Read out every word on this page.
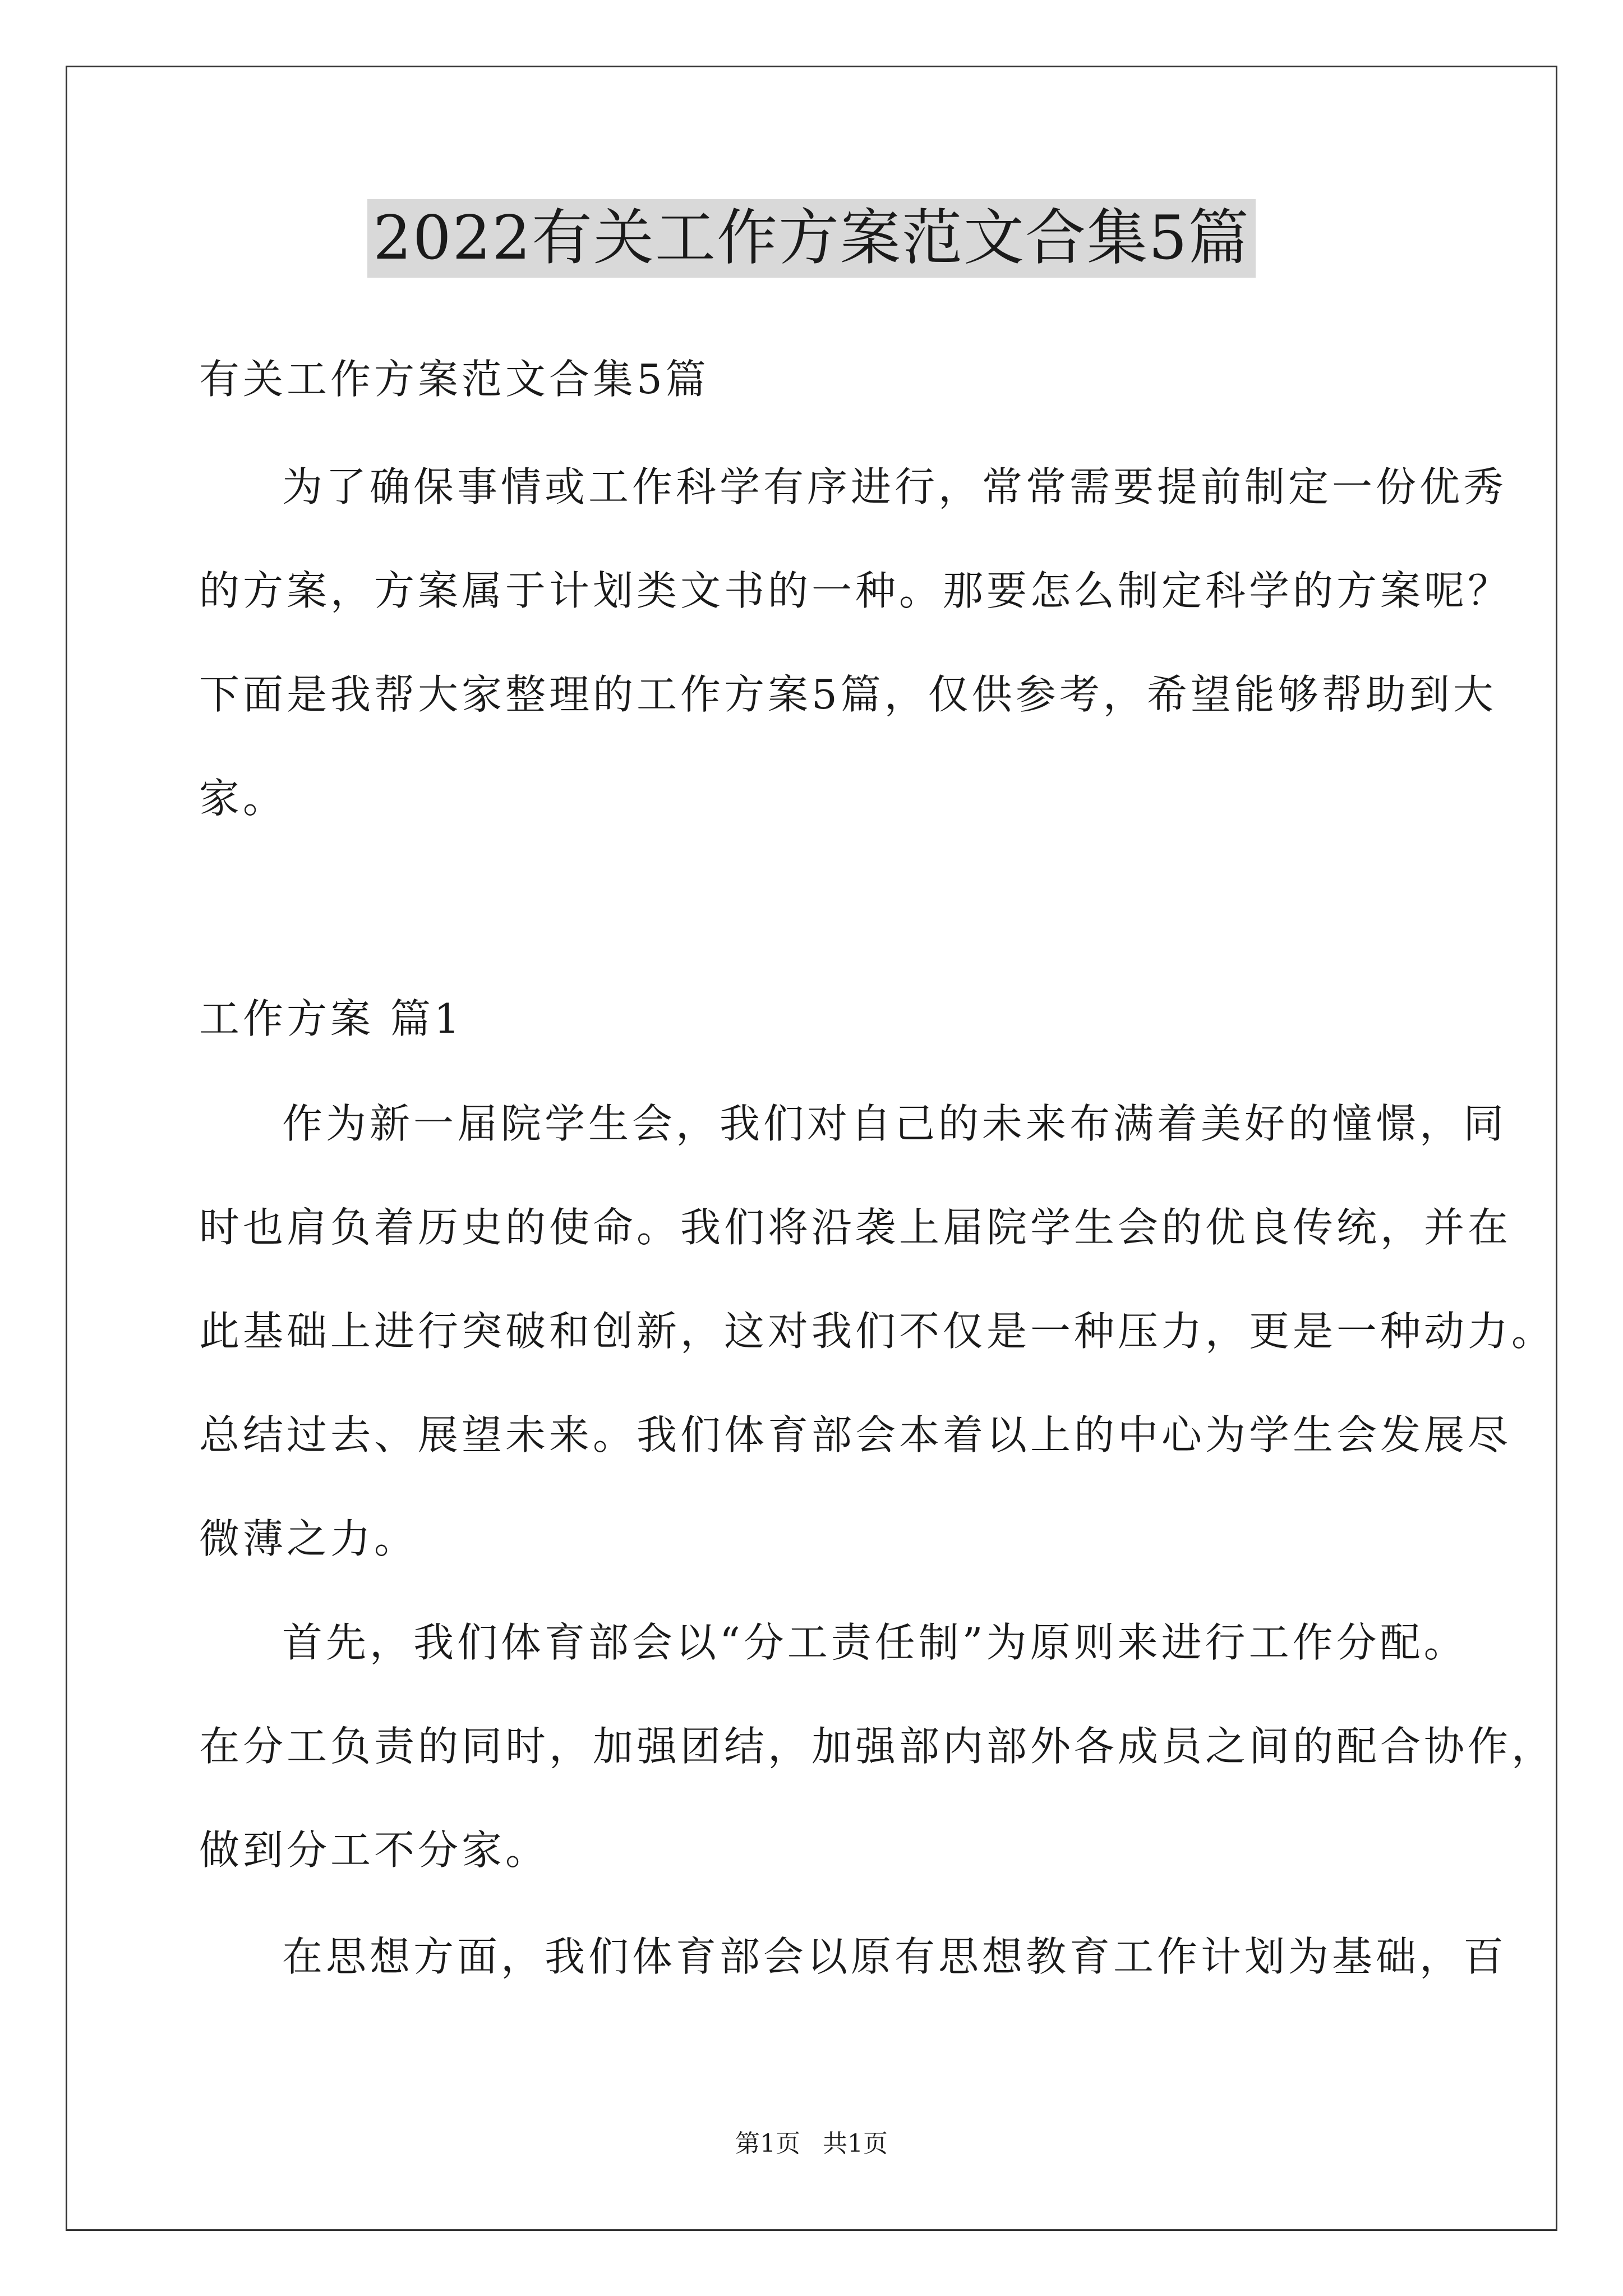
2022有关工作方案范文合集5篇
有关工作方案范文合集5篇
为了确保事情或工作科学有序进行，常常需要提前制定一份优秀
的方案，方案属于计划类文书的一种。那要怎么制定科学的方案呢？
下面是我帮大家整理的工作方案5篇，仅供参考，希望能够帮助到大
家。
工作方案 篇1
作为新一届院学生会，我们对自己的未来布满着美好的憧憬，同
时也肩负着历史的使命。我们将沿袭上届院学生会的优良传统，并在
此基础上进行突破和创新，这对我们不仅是一种压力，更是一种动力。
总结过去、展望未来。我们体育部会本着以上的中心为学生会发展尽
微薄之力。
首先，我们体育部会以“分工责任制”为原则来进行工作分配。
在分工负责的同时，加强团结，加强部内部外各成员之间的配合协作，
做到分工不分家。
在思想方面，我们体育部会以原有思想教育工作计划为基础，百
第1页 共1页
